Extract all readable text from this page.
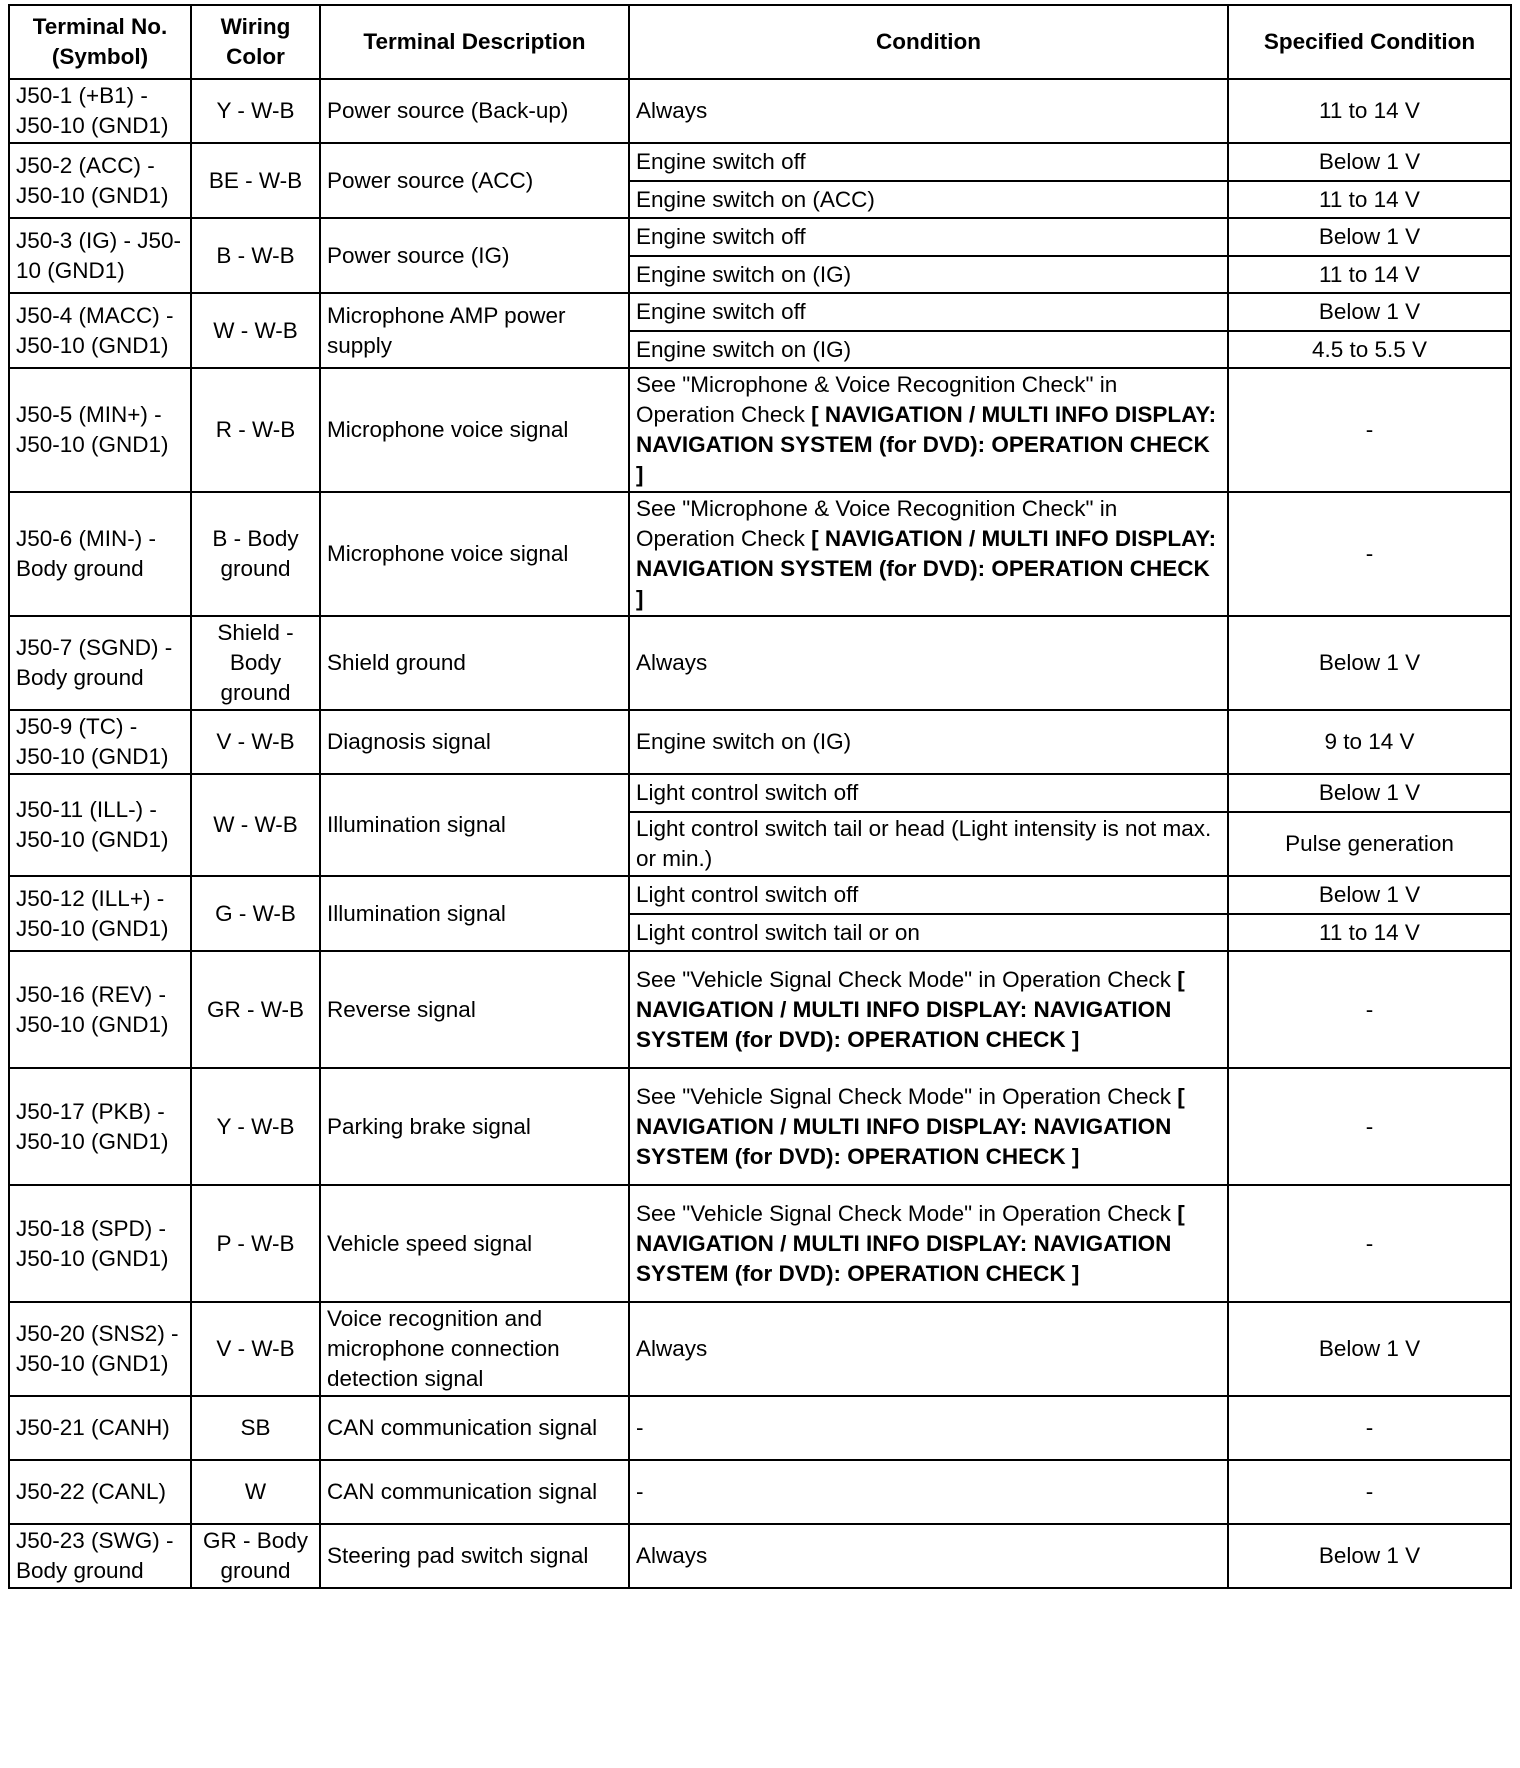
Terminal No. (Symbol)	Wiring Color	Terminal Description	Condition	Specified Condition
J50-1 (+B1) - J50-10 (GND1)	Y - W-B	Power source (Back-up)	Always	11 to 14 V
J50-2 (ACC) - J50-10 (GND1)	BE - W-B	Power source (ACC)	Engine switch off	Below 1 V
			Engine switch on (ACC)	11 to 14 V
J50-3 (IG) - J50-10 (GND1)	B - W-B	Power source (IG)	Engine switch off	Below 1 V
			Engine switch on (IG)	11 to 14 V
J50-4 (MACC) - J50-10 (GND1)	W - W-B	Microphone AMP power supply	Engine switch off	Below 1 V
			Engine switch on (IG)	4.5 to 5.5 V
J50-5 (MIN+) - J50-10 (GND1)	R - W-B	Microphone voice signal	See "Microphone & Voice Recognition Check" in Operation Check [ NAVIGATION / MULTI INFO DISPLAY: NAVIGATION SYSTEM (for DVD): OPERATION CHECK ]	-
J50-6 (MIN-) - Body ground	B - Body ground	Microphone voice signal	See "Microphone & Voice Recognition Check" in Operation Check [ NAVIGATION / MULTI INFO DISPLAY: NAVIGATION SYSTEM (for DVD): OPERATION CHECK ]	-
J50-7 (SGND) - Body ground	Shield - Body ground	Shield ground	Always	Below 1 V
J50-9 (TC) - J50-10 (GND1)	V - W-B	Diagnosis signal	Engine switch on (IG)	9 to 14 V
J50-11 (ILL-) - J50-10 (GND1)	W - W-B	Illumination signal	Light control switch off	Below 1 V
			Light control switch tail or head (Light intensity is not max. or min.)	Pulse generation
J50-12 (ILL+) - J50-10 (GND1)	G - W-B	Illumination signal	Light control switch off	Below 1 V
			Light control switch tail or on	11 to 14 V
J50-16 (REV) - J50-10 (GND1)	GR - W-B	Reverse signal	See "Vehicle Signal Check Mode" in Operation Check [ NAVIGATION / MULTI INFO DISPLAY: NAVIGATION SYSTEM (for DVD): OPERATION CHECK ]	-
J50-17 (PKB) - J50-10 (GND1)	Y - W-B	Parking brake signal	See "Vehicle Signal Check Mode" in Operation Check [ NAVIGATION / MULTI INFO DISPLAY: NAVIGATION SYSTEM (for DVD): OPERATION CHECK ]	-
J50-18 (SPD) - J50-10 (GND1)	P - W-B	Vehicle speed signal	See "Vehicle Signal Check Mode" in Operation Check [ NAVIGATION / MULTI INFO DISPLAY: NAVIGATION SYSTEM (for DVD): OPERATION CHECK ]	-
J50-20 (SNS2) - J50-10 (GND1)	V - W-B	Voice recognition and microphone connection detection signal	Always	Below 1 V
J50-21 (CANH)	SB	CAN communication signal	-	-
J50-22 (CANL)	W	CAN communication signal	-	-
J50-23 (SWG) - Body ground	GR - Body ground	Steering pad switch signal	Always	Below 1 V
